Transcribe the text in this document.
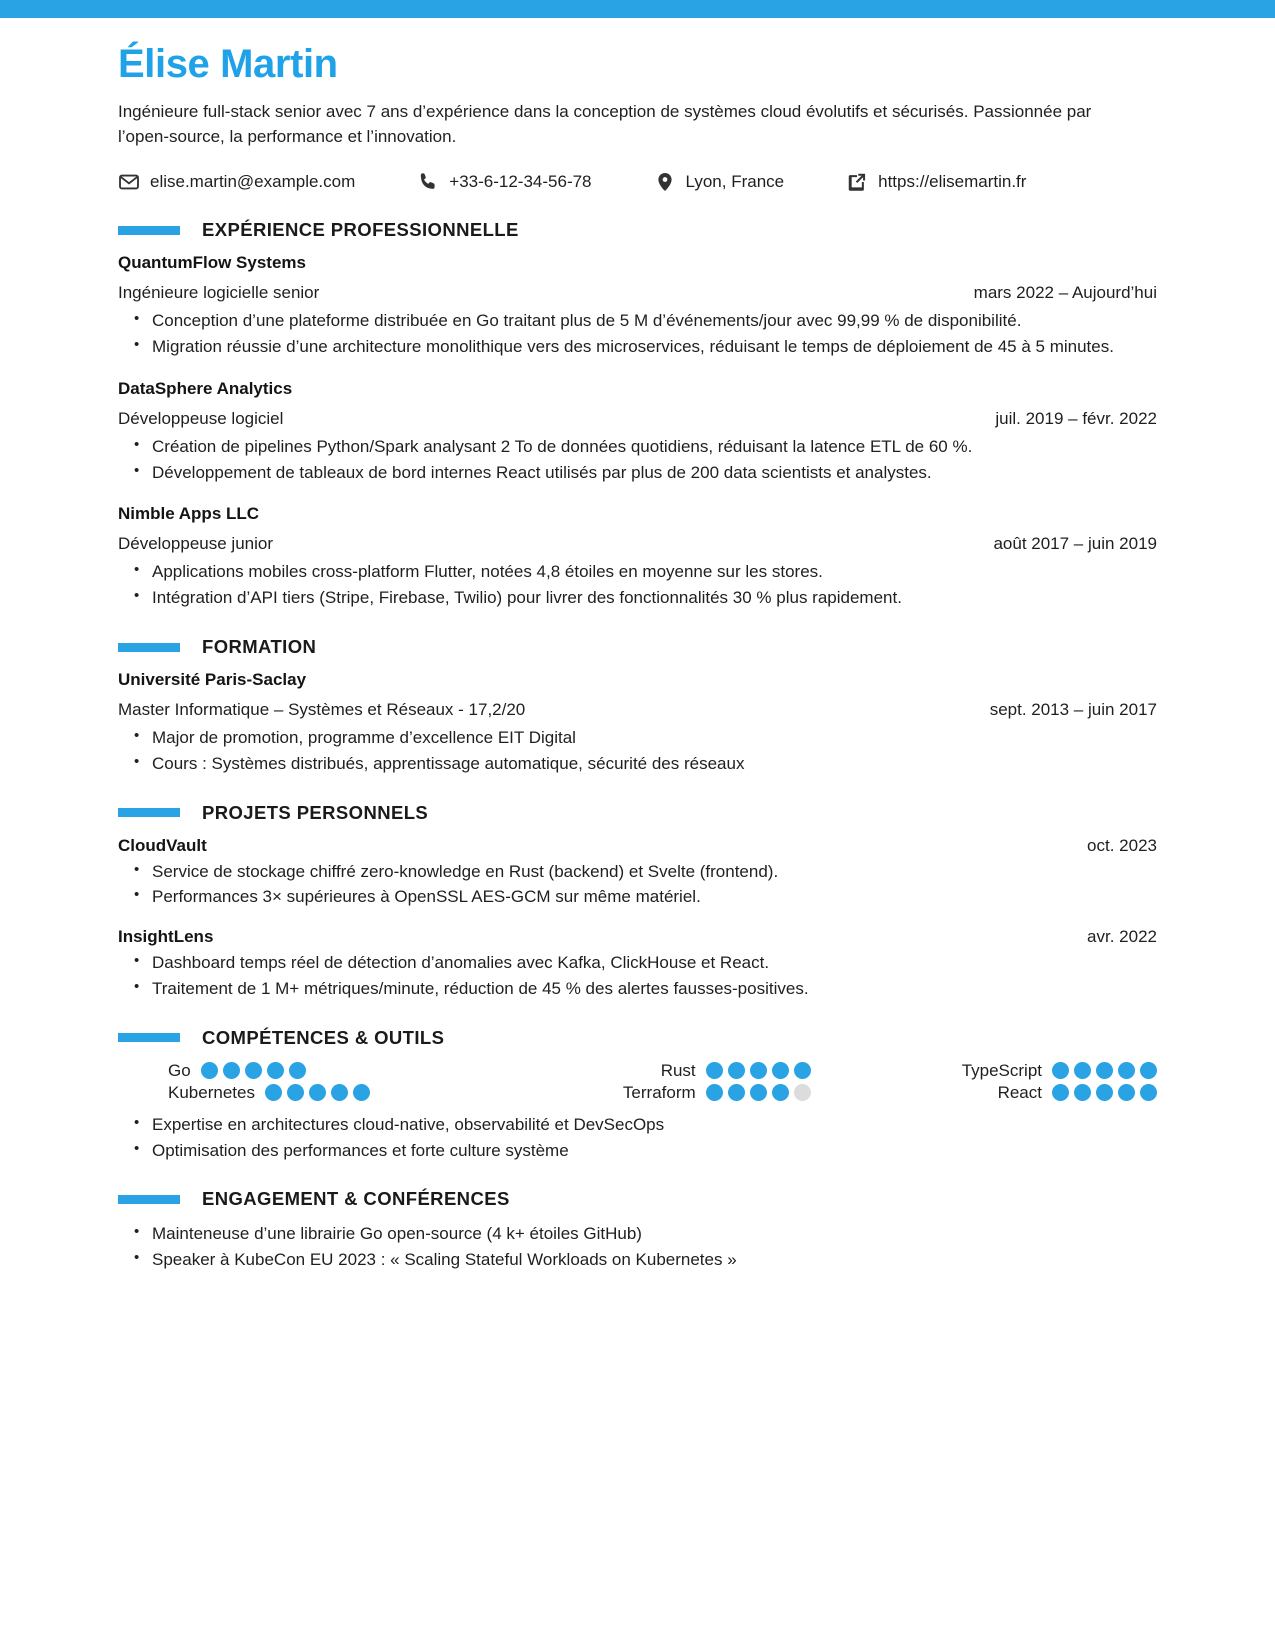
Élise Martin
Ingénieure full-stack senior avec 7 ans d’expérience dans la conception de systèmes cloud évolutifs et sécurisés. Passionnée par l’open-source, la performance et l’innovation.
elise.martin@example.com	+33-6-12-34-56-78	Lyon, France	https://elisemartin.fr
EXPÉRIENCE PROFESSIONNELLE
QuantumFlow Systems
Ingénieure logicielle senior	mars 2022 – Aujourd’hui
• Conception d’une plateforme distribuée en Go traitant plus de 5 M d’événements/jour avec 99,99 % de disponibilité.
• Migration réussie d’une architecture monolithique vers des microservices, réduisant le temps de déploiement de 45 à 5 minutes.
DataSphere Analytics
Développeuse logiciel	juil. 2019 – févr. 2022
• Création de pipelines Python/Spark analysant 2 To de données quotidiens, réduisant la latence ETL de 60 %.
• Développement de tableaux de bord internes React utilisés par plus de 200 data scientists et analystes.
Nimble Apps LLC
Développeuse junior	août 2017 – juin 2019
• Applications mobiles cross-platform Flutter, notées 4,8 étoiles en moyenne sur les stores.
• Intégration d’API tiers (Stripe, Firebase, Twilio) pour livrer des fonctionnalités 30 % plus rapidement.
FORMATION
Université Paris-Saclay
Master Informatique – Systèmes et Réseaux - 17,2/20	sept. 2013 – juin 2017
• Major de promotion, programme d’excellence EIT Digital
• Cours : Systèmes distribués, apprentissage automatique, sécurité des réseaux
PROJETS PERSONNELS
CloudVault	oct. 2023
• Service de stockage chiffré zero-knowledge en Rust (backend) et Svelte (frontend).
• Performances 3× supérieures à OpenSSL AES-GCM sur même matériel.
InsightLens	avr. 2022
• Dashboard temps réel de détection d’anomalies avec Kafka, ClickHouse et React.
• Traitement de 1 M+ métriques/minute, réduction de 45 % des alertes fausses-positives.
COMPÉTENCES & OUTILS
Go	Rust	TypeScript
Kubernetes	Terraform	React
• Expertise en architectures cloud-native, observabilité et DevSecOps
• Optimisation des performances et forte culture système
ENGAGEMENT & CONFÉRENCES
• Mainteneuse d’une librairie Go open-source (4 k+ étoiles GitHub)
• Speaker à KubeCon EU 2023 : « Scaling Stateful Workloads on Kubernetes »
